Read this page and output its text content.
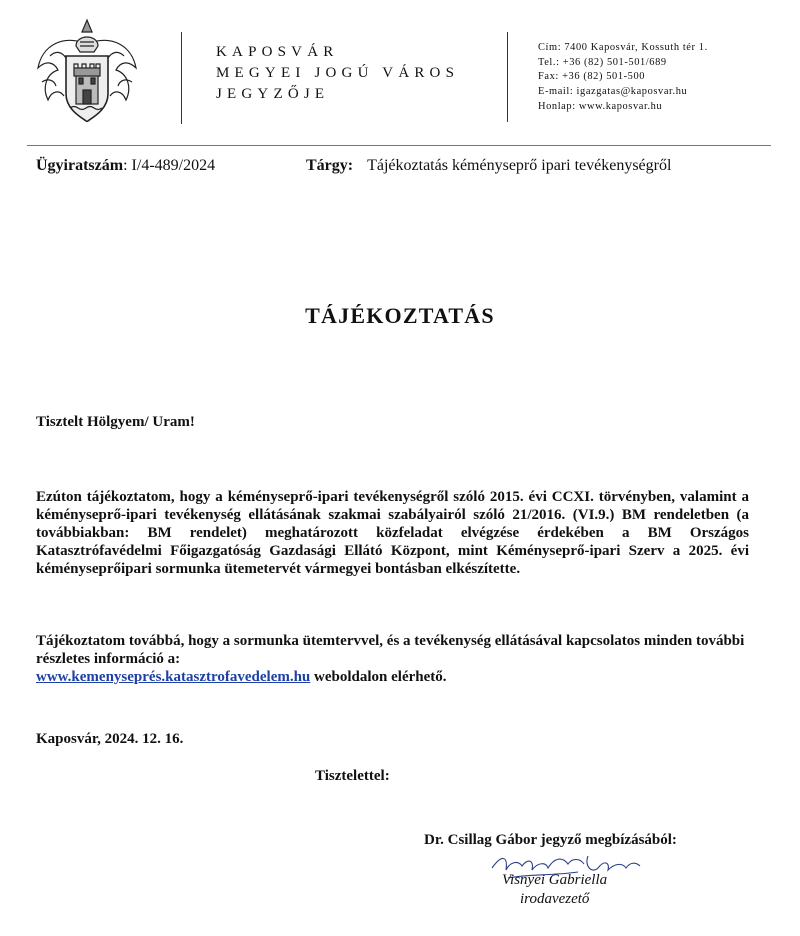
KAPOSVÁR
MEGYEI JOGÚ VÁROS
JEGYZŐJE
Cím: 7400 Kaposvár, Kossuth tér 1.
Tel.: +36 (82) 501-501/689
Fax: +36 (82) 501-500
E-mail: igazgatas@kaposvar.hu
Honlap: www.kaposvar.hu
Ügyiratszám: I/4-489/2024	Tárgy: Tájékoztatás kéményseprő ipari tevékenységről
TÁJÉKOZTATÁS
Tisztelt Hölgyem/ Uram!
Ezúton tájékoztatom, hogy a kéményseprő-ipari tevékenységről szóló 2015. évi CCXI. törvényben, valamint a kéményseprő-ipari tevékenység ellátásának szakmai szabályairól szóló 21/2016. (VI.9.) BM rendeletben (a továbbiakban: BM rendelet) meghatározott közfeladat elvégzése érdekében a BM Országos Katasztrófavédelmi Főigazgatóság Gazdasági Ellátó Központ, mint Kéményseprő-ipari Szerv a 2025. évi kéményseprőipari sormunka ütemetervét vármegyei bontásban elkészítette.
Tájékoztatom továbbá, hogy a sormunka ütemtervvel, és a tevékenység ellátásával kapcsolatos minden további részletes információ a:
www.kemenyseprés.katasztrofavedelem.hu weboldalon elérhető.
Kaposvár, 2024. 12. 16.
Tisztelettel:
Dr. Csillag Gábor jegyző megbízásából:
Visnyei Gabriella
irodavezető
